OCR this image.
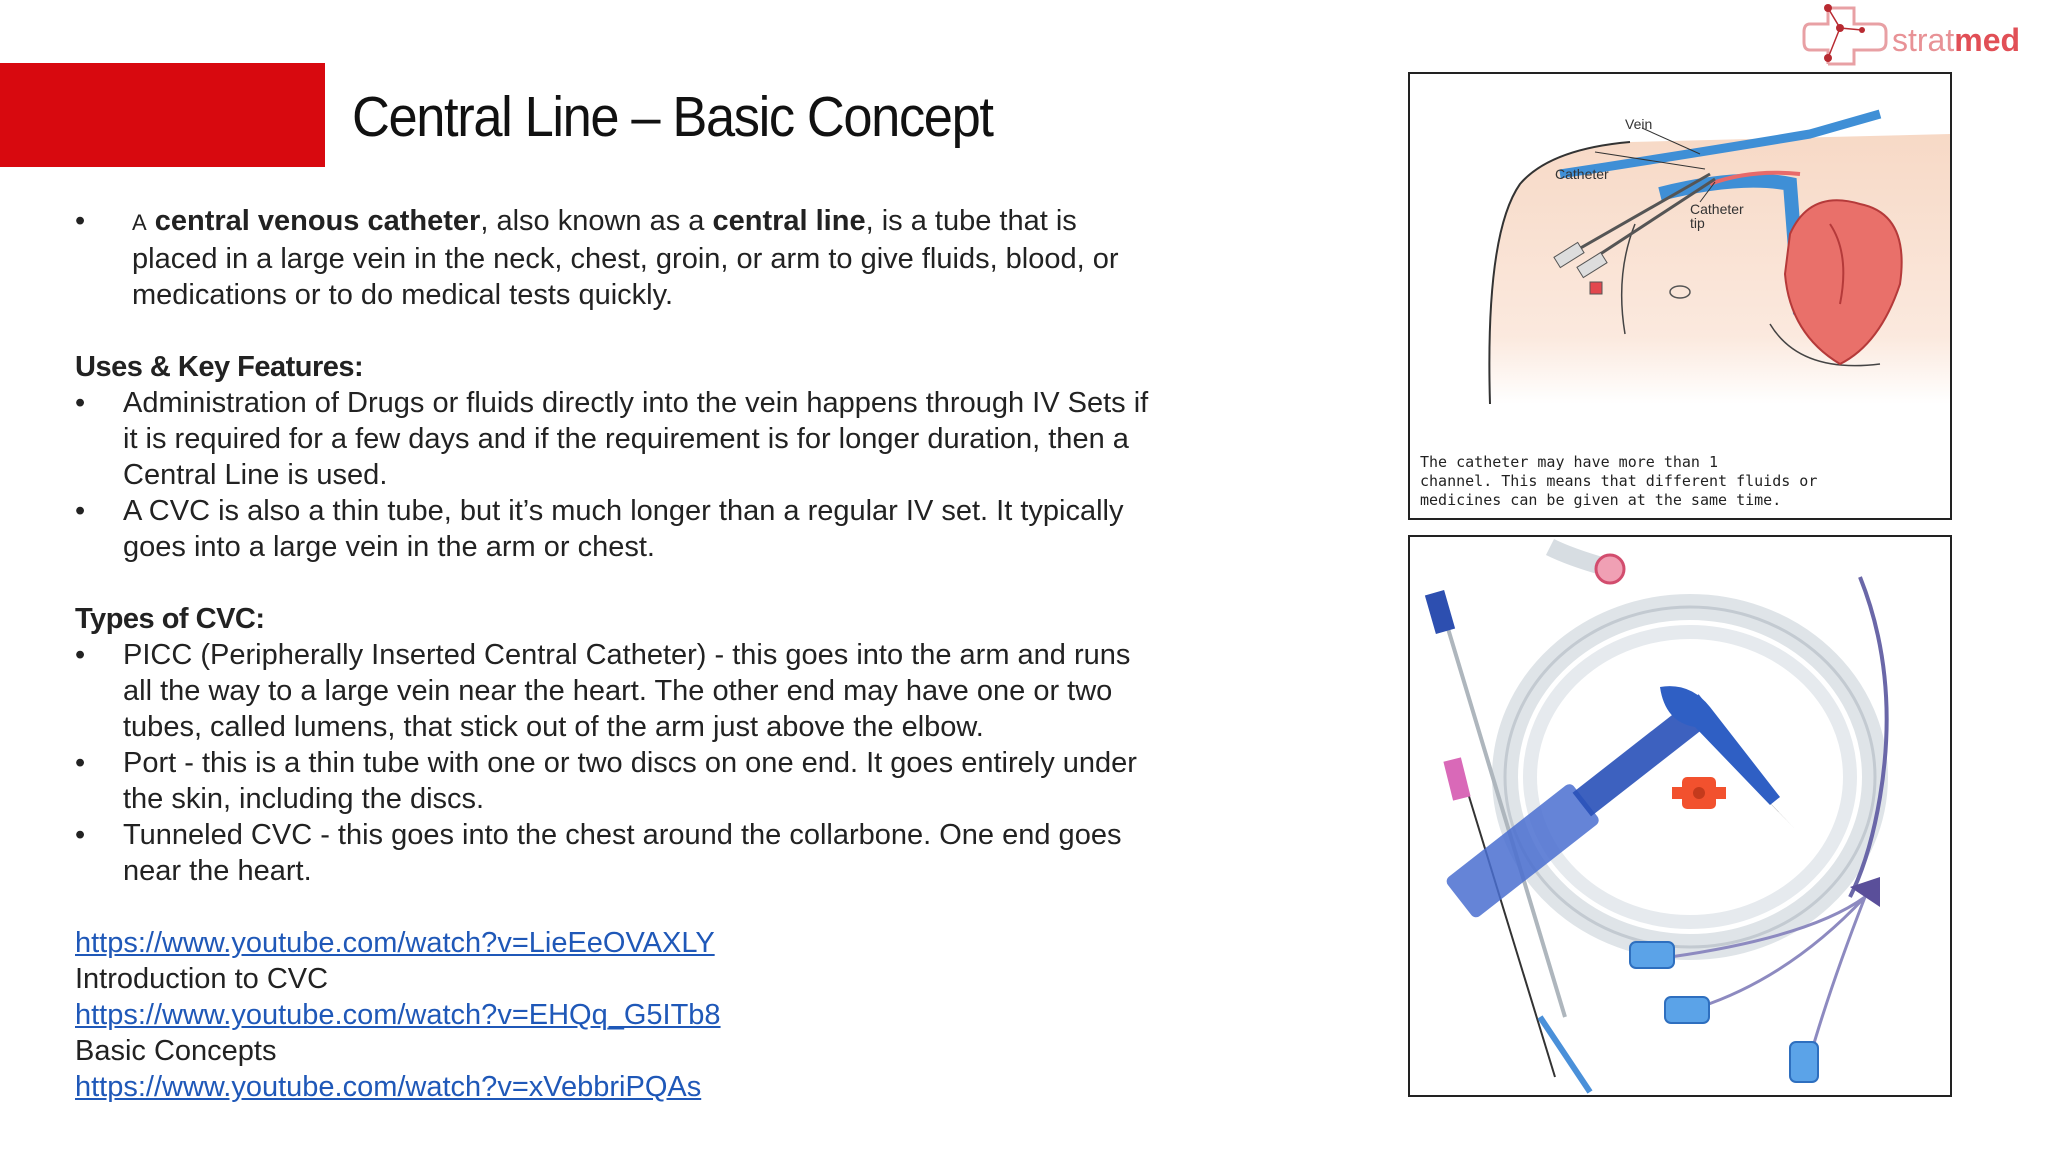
Central Line – Basic Concept
stratmed
• A central venous catheter, also known as a central line, is a tube that is
placed in a large vein in the neck, chest, groin, or arm to give fluids, blood, or
medications or to do medical tests quickly.
Uses & Key Features:
• Administration of Drugs or fluids directly into the vein happens through IV Sets if
it is required for a few days and if the requirement is for longer duration, then a
Central Line is used.
• A CVC is also a thin tube, but it’s much longer than a regular IV set. It typically
goes into a large vein in the arm or chest.
Types of CVC:
• PICC (Peripherally Inserted Central Catheter) - this goes into the arm and runs
all the way to a large vein near the heart. The other end may have one or two
tubes, called lumens, that stick out of the arm just above the elbow.
• Port - this is a thin tube with one or two discs on one end. It goes entirely under
the skin, including the discs.
• Tunneled CVC - this goes into the chest around the collarbone. One end goes
near the heart.
https://www.youtube.com/watch?v=LieEeOVAXLY
Introduction to CVC
https://www.youtube.com/watch?v=EHQq_G5ITb8
Basic Concepts
https://www.youtube.com/watch?v=xVebbriPQAs
Vein
Catheter
Catheter
tip
The catheter may have more than 1
channel. This means that different fluids or
medicines can be given at the same time.
